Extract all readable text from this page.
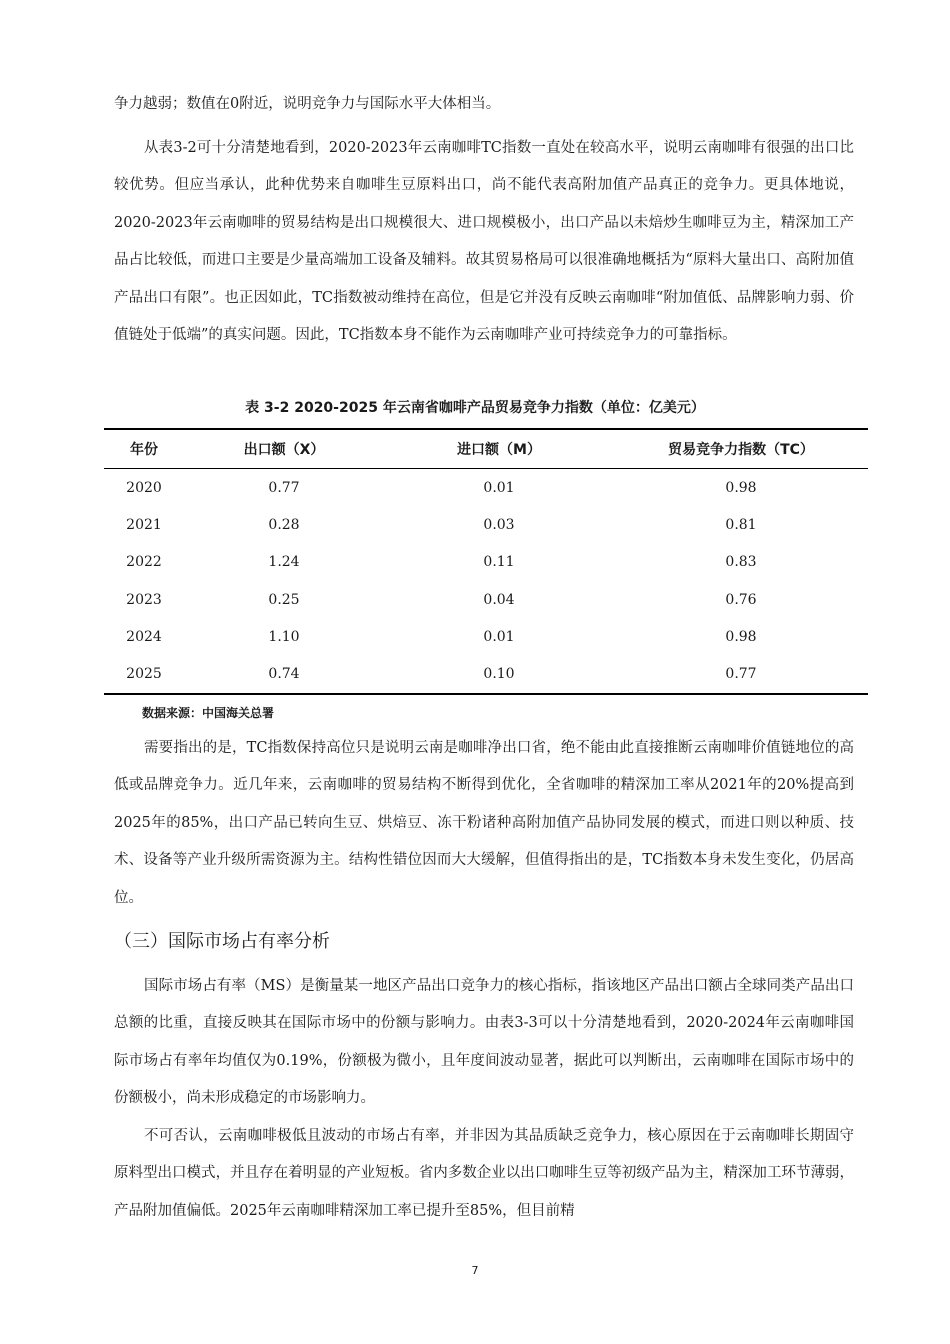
争力越弱；数值在0附近，说明竞争力与国际水平大体相当。

从表3-2可十分清楚地看到，2020-2023年云南咖啡TC指数一直处在较高水平，说明云南咖啡有很强的出口比较优势。但应当承认，此种优势来自咖啡生豆原料出口，尚不能代表高附加值产品真正的竞争力。更具体地说，2020-2023年云南咖啡的贸易结构是出口规模很大、进口规模极小，出口产品以未焙炒生咖啡豆为主，精深加工产品占比较低，而进口主要是少量高端加工设备及辅料。故其贸易格局可以很准确地概括为“原料大量出口、高附加值产品出口有限”。也正因如此，TC指数被动维持在高位，但是它并没有反映云南咖啡“附加值低、品牌影响力弱、价值链处于低端”的真实问题。因此，TC指数本身不能作为云南咖啡产业可持续竞争力的可靠指标。

表 3-2 2020-2025 年云南省咖啡产品贸易竞争力指数（单位：亿美元）
年份	出口额（X）	进口额（M）	贸易竞争力指数（TC）
2020	0.77	0.01	0.98
2021	0.28	0.03	0.81
2022	1.24	0.11	0.83
2023	0.25	0.04	0.76
2024	1.10	0.01	0.98
2025	0.74	0.10	0.77
数据来源：中国海关总署

需要指出的是，TC指数保持高位只是说明云南是咖啡净出口省，绝不能由此直接推断云南咖啡价值链地位的高低或品牌竞争力。近几年来，云南咖啡的贸易结构不断得到优化，全省咖啡的精深加工率从2021年的20%提高到2025年的85%，出口产品已转向生豆、烘焙豆、冻干粉诸种高附加值产品协同发展的模式，而进口则以种质、技术、设备等产业升级所需资源为主。结构性错位因而大大缓解，但值得指出的是，TC指数本身未发生变化，仍居高位。

（三）国际市场占有率分析

国际市场占有率（MS）是衡量某一地区产品出口竞争力的核心指标，指该地区产品出口额占全球同类产品出口总额的比重，直接反映其在国际市场中的份额与影响力。由表3-3可以十分清楚地看到，2020-2024年云南咖啡国际市场占有率年均值仅为0.19%，份额极为微小，且年度间波动显著，据此可以判断出，云南咖啡在国际市场中的份额极小，尚未形成稳定的市场影响力。

不可否认，云南咖啡极低且波动的市场占有率，并非因为其品质缺乏竞争力，核心原因在于云南咖啡长期固守原料型出口模式，并且存在着明显的产业短板。省内多数企业以出口咖啡生豆等初级产品为主，精深加工环节薄弱，产品附加值偏低。2025年云南咖啡精深加工率已提升至85%，但目前精

7
